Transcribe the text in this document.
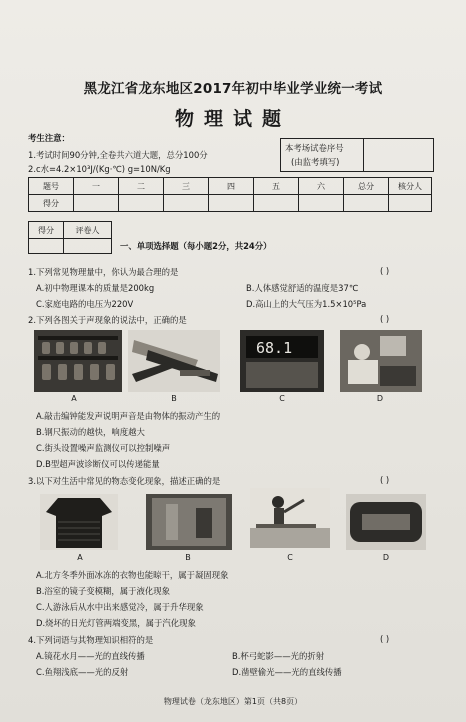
黑龙江省龙东地区2017年初中毕业学业统一考试
物理试题
考生注意：
1.考试时间90分钟,全卷共六道大题，总分100分
2.c水=4.2×10³J/(Kg·℃) g=10N/Kg
本考场试卷序号
(由监考填写)
题号	一	二	三	四	五	六	总分	核分人
得分								
得分	评卷人

一、单项选择题（每小题2分，共24分）
1.下列常见物理量中，你认为最合理的是	( )
A.初中物理课本的质量是200kg	B.人体感觉舒适的温度是37℃
C.家庭电路的电压为220V	D.高山上的大气压为1.5×10⁵Pa
2.下列各图关于声现象的说法中，正确的是	( )
68.1
A	B	C	D
A.敲击编钟能发声说明声音是由物体的振动产生的
B.钢尺振动的越快，响度越大
C.街头设置噪声监测仪可以控制噪声
D.B型超声波诊断仪可以传递能量
3.以下对生活中常见的物态变化现象，描述正确的是	( )
A	B	C	D
A.北方冬季外面冰冻的衣物也能晾干，属于凝固现象
B.浴室的镜子变模糊，属于液化现象
C.人游泳后从水中出来感觉冷，属于升华现象
D.烧坏的日光灯管两端变黑，属于汽化现象
4.下列词语与其物理知识相符的是	( )
A.镜花水月——光的直线传播	B.杯弓蛇影——光的折射
C.鱼翔浅底——光的反射	D.凿壁偷光——光的直线传播
物理试卷（龙东地区）第1页（共8页）
